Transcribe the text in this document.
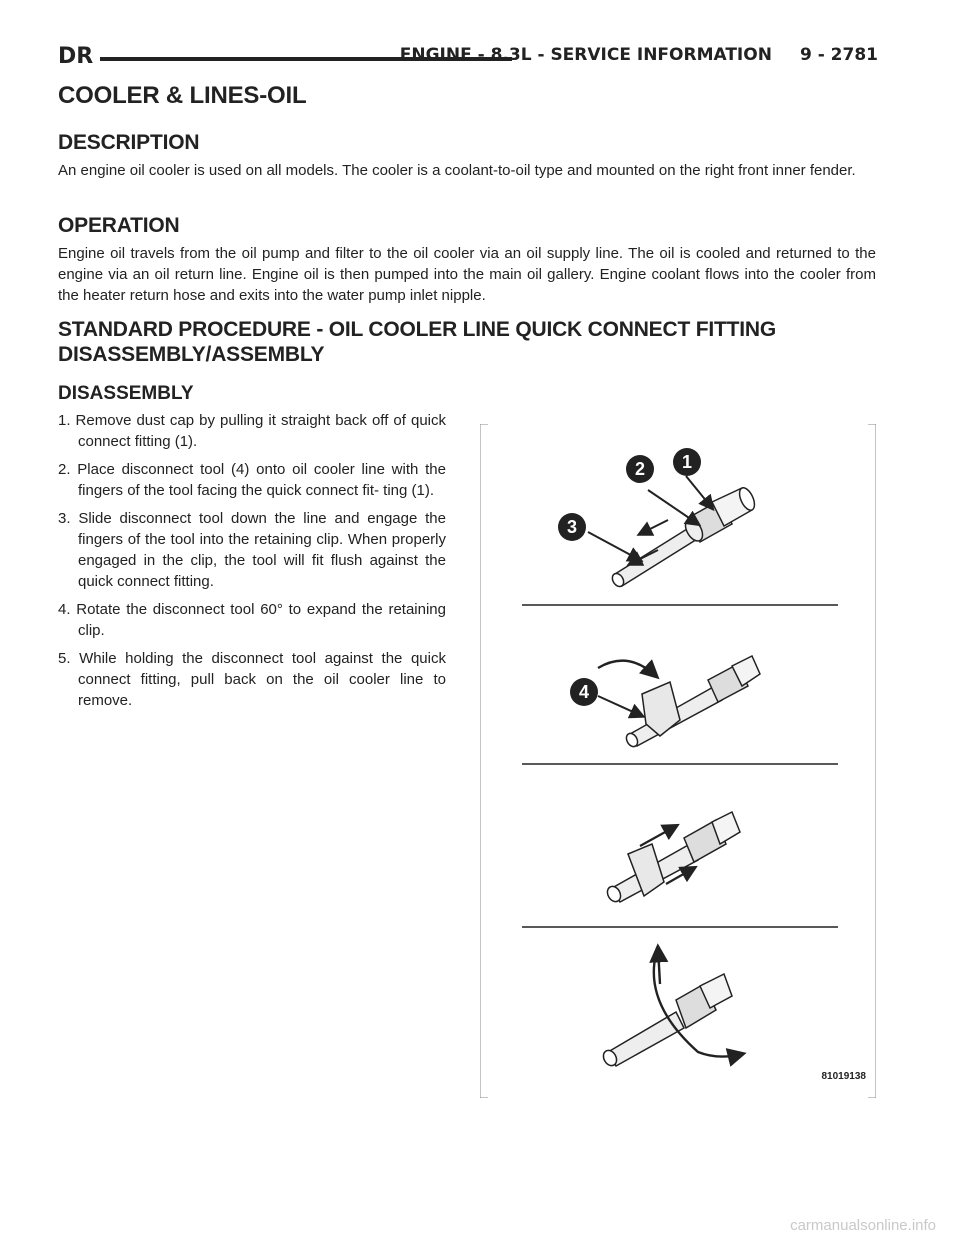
DR	ENGINE - 8.3L - SERVICE INFORMATION 9 - 2781
COOLER & LINES-OIL
DESCRIPTION

An engine oil cooler is used on all models. The cooler is a coolant-to-oil type and mounted on the right front inner fender.

OPERATION

Engine oil travels from the oil pump and filter to the oil cooler via an oil supply line. The oil is cooled and returned to the engine via an oil return line. Engine oil is then pumped into the main oil gallery. Engine coolant flows into the cooler from the heater return hose and exits into the water pump inlet nipple.

STANDARD PROCEDURE - OIL COOLER LINE QUICK CONNECT FITTING
DISASSEMBLY/ASSEMBLY
DISASSEMBLY
1. Remove dust cap by pulling it straight back off of quick connect fitting (1).
2. Place disconnect tool (4) onto oil cooler line with the fingers of the tool facing the quick connect fit- ting (1).
3. Slide disconnect tool down the line and engage the fingers of the tool into the retaining clip. When properly engaged in the clip, the tool will fit flush against the quick connect fitting.
4. Rotate the disconnect tool 60° to expand the retaining clip.
5. While holding the disconnect tool against the quick connect fitting, pull back on the oil cooler line to remove.
2 1
3
4
81019138
carmanualsonline.info
